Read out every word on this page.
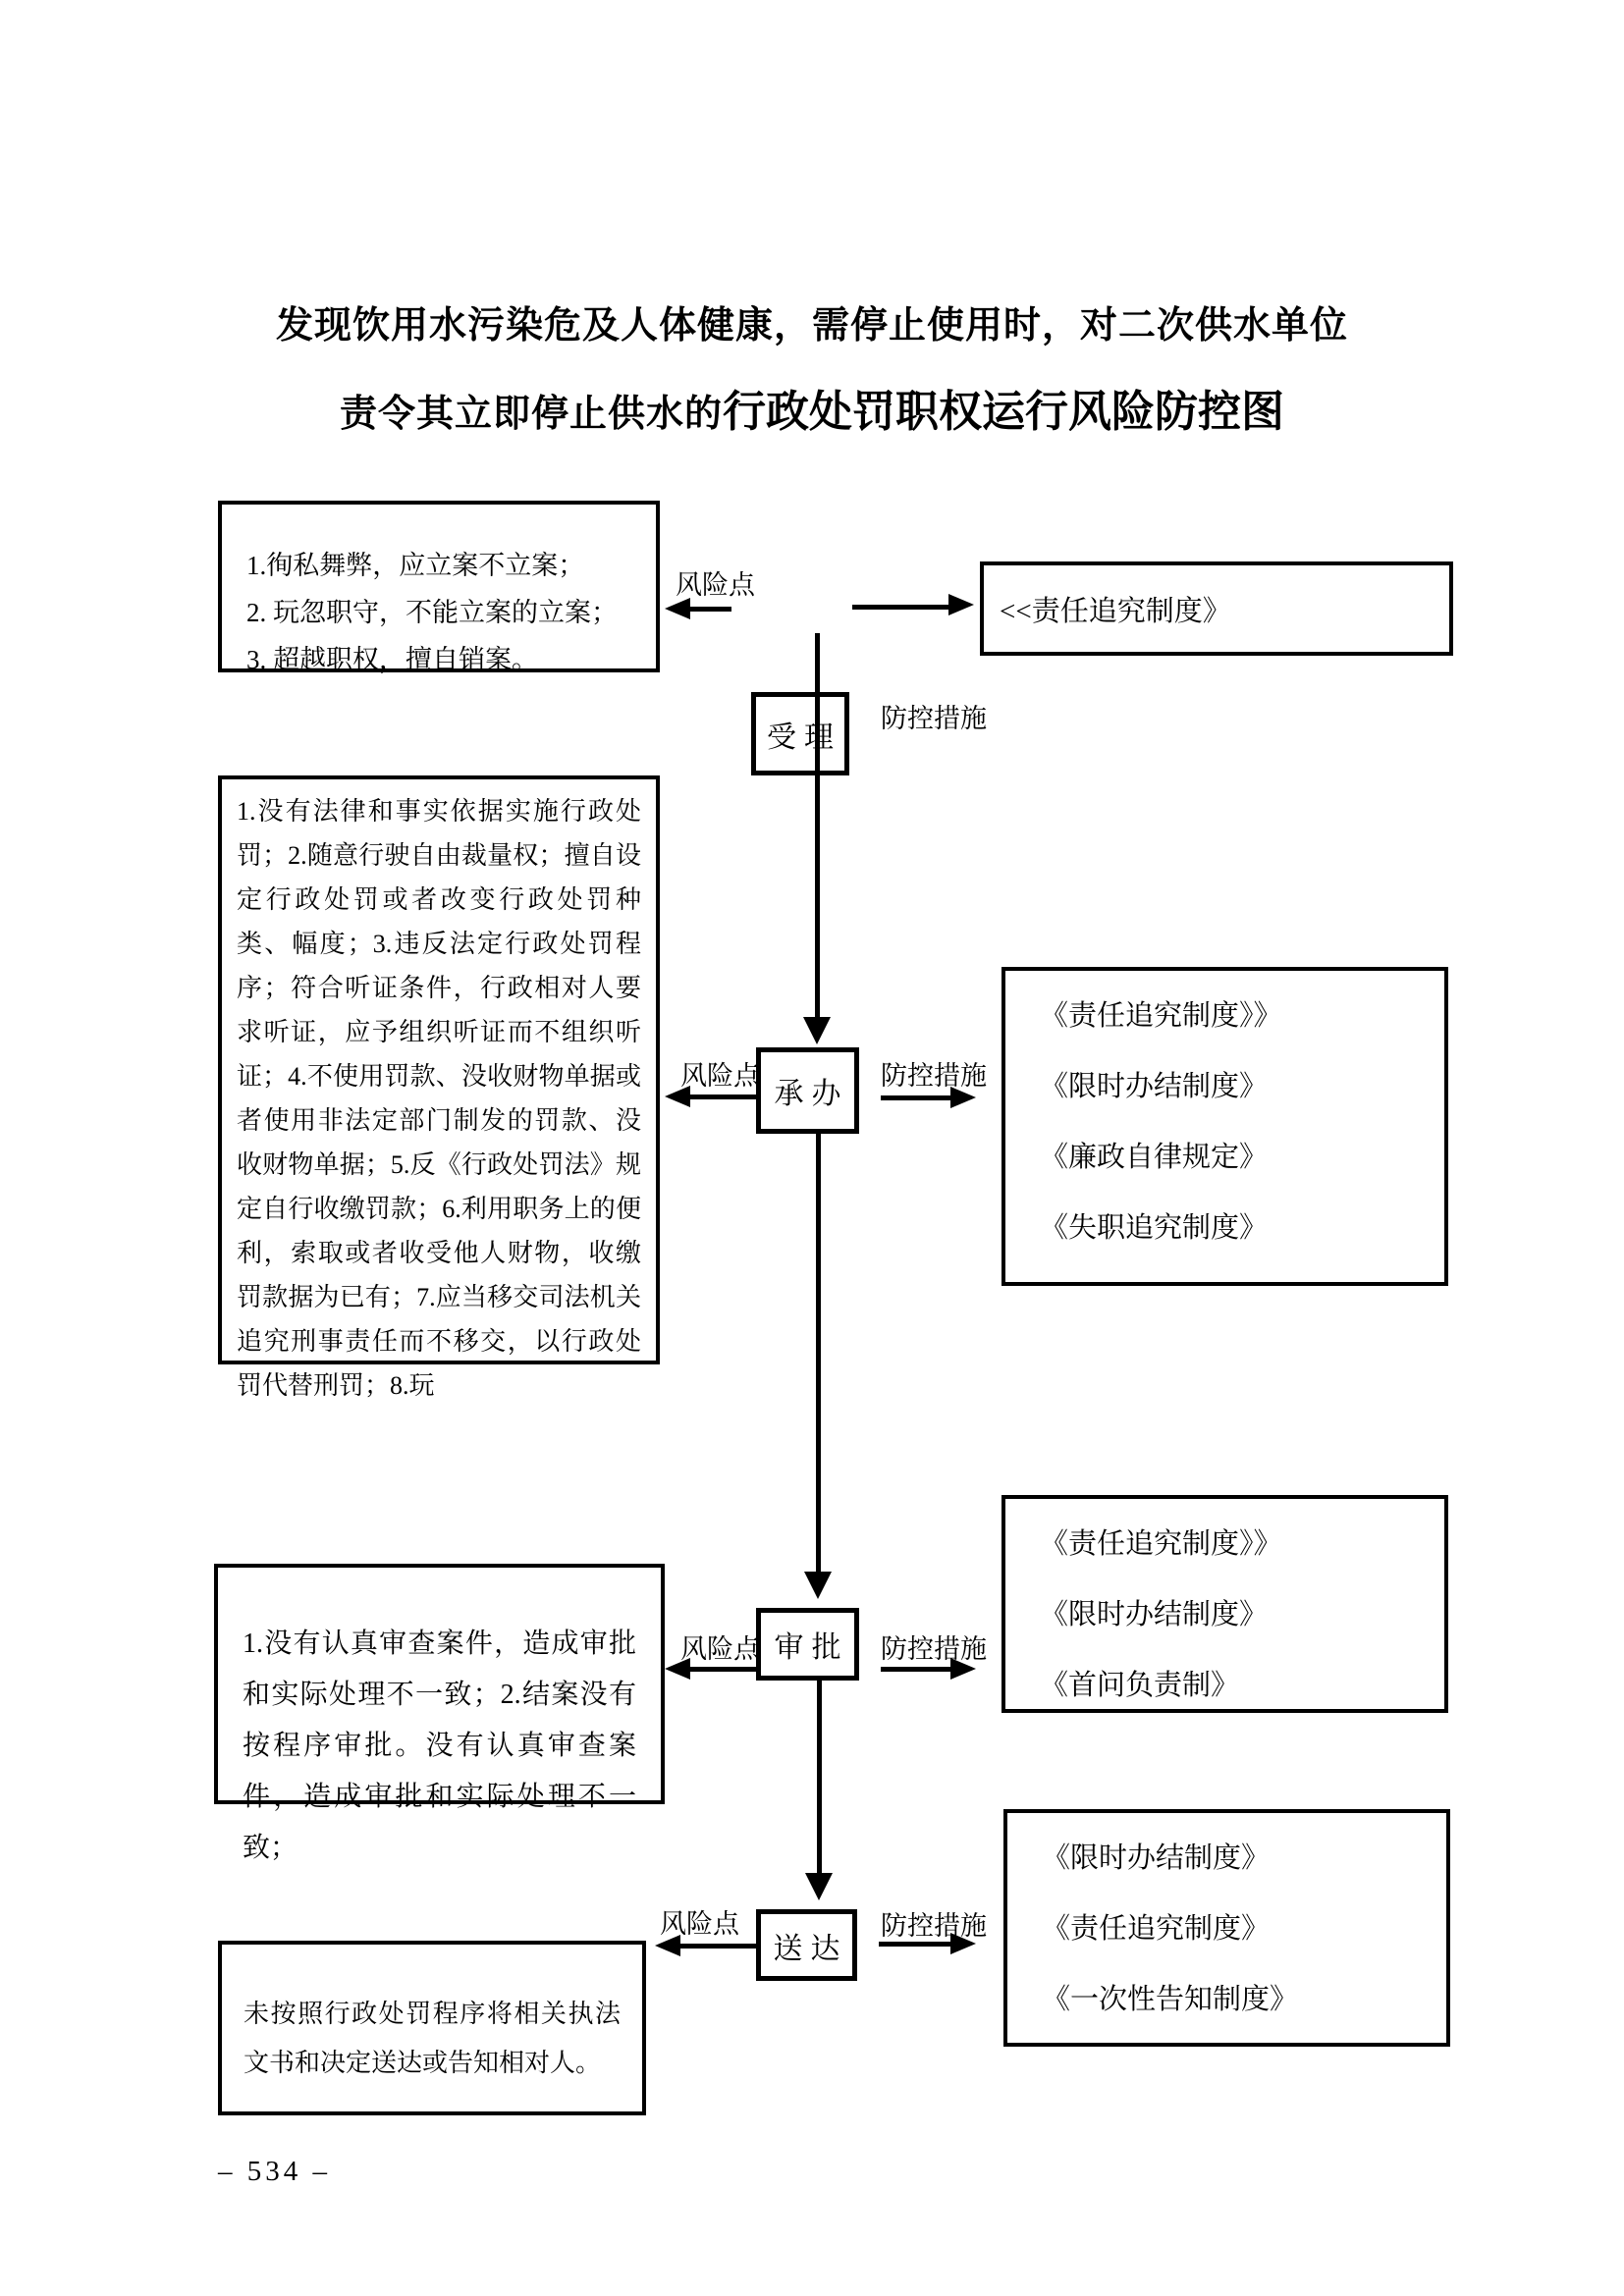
发现饮用水污染危及人体健康，需停止使用时，对二次供水单位
责令其立即停止供水的行政处罚职权运行风险防控图
1.徇私舞弊，应立案不立案；
2. 玩忽职守，不能立案的立案；
3. 超越职权，擅自销案。
风险点
<<责任追究制度》
受理
防控措施
1.没有法律和事实依据实施行政处罚；2.随意行驶自由裁量权；擅自设定行政处罚或者改变行政处罚种类、幅度；3.违反法定行政处罚程序；符合听证条件，行政相对人要求听证，应予组织听证而不组织听证；4.不使用罚款、没收财物单据或者使用非法定部门制发的罚款、没收财物单据；5.反《行政处罚法》规定自行收缴罚款；6.利用职务上的便利，索取或者收受他人财物，收缴罚款据为已有；7.应当移交司法机关追究刑事责任而不移交，以行政处罚代替刑罚；8.玩
风险点
承办
防控措施
《责任追究制度》》
《限时办结制度》
《廉政自律规定》
《失职追究制度》
《责任追究制度》》
《限时办结制度》
《首问负责制》
1.没有认真审查案件，造成审批和实际处理不一致；2.结案没有按程序审批。没有认真审查案件，造成审批和实际处理不一致；
风险点 审批 防控措施
风险点
送达
防控措施
《限时办结制度》
《责任追究制度》
《一次性告知制度》
未按照行政处罚程序将相关执法文书和决定送达或告知相对人。
– 534 –
